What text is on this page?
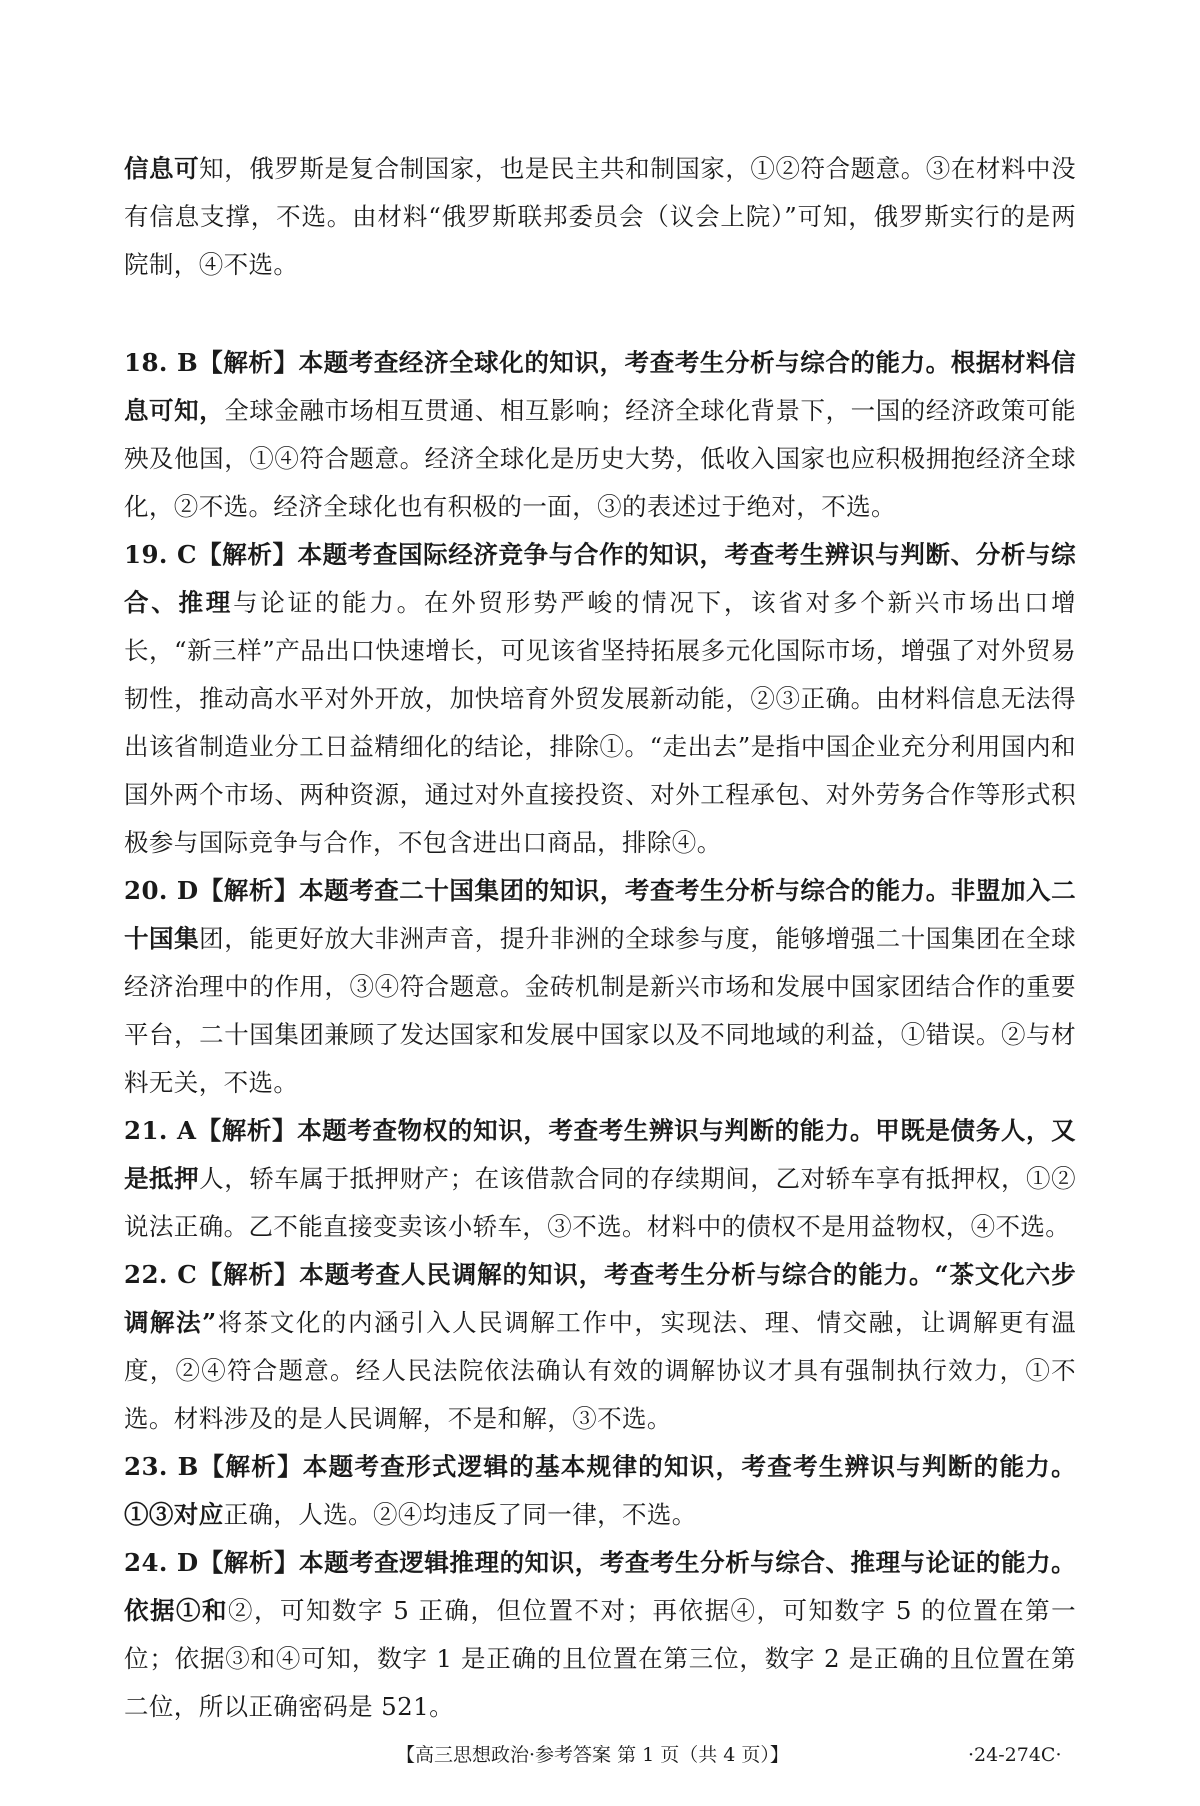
信息可知，俄罗斯是复合制国家，也是民主共和制国家，①②符合题意。③在材料中没有信息支撑，不选。由材料“俄罗斯联邦委员会（议会上院）”可知，俄罗斯实行的是两院制，④不选。

18. B【解析】本题考查经济全球化的知识，考查考生分析与综合的能力。根据材料信息可知，全球金融市场相互贯通、相互影响；经济全球化背景下，一国的经济政策可能殃及他国，①④符合题意。经济全球化是历史大势，低收入国家也应积极拥抱经济全球化，②不选。经济全球化也有积极的一面，③的表述过于绝对，不选。

19. C【解析】本题考查国际经济竞争与合作的知识，考查考生辨识与判断、分析与综合、推理与论证的能力。在外贸形势严峻的情况下，该省对多个新兴市场出口增长，“新三样”产品出口快速增长，可见该省坚持拓展多元化国际市场，增强了对外贸易韧性，推动高水平对外开放，加快培育外贸发展新动能，②③正确。由材料信息无法得出该省制造业分工日益精细化的结论，排除①。“走出去”是指中国企业充分利用国内和国外两个市场、两种资源，通过对外直接投资、对外工程承包、对外劳务合作等形式积极参与国际竞争与合作，不包含进出口商品，排除④。

20. D【解析】本题考查二十国集团的知识，考查考生分析与综合的能力。非盟加入二十国集团，能更好放大非洲声音，提升非洲的全球参与度，能够增强二十国集团在全球经济治理中的作用，③④符合题意。金砖机制是新兴市场和发展中国家团结合作的重要平台，二十国集团兼顾了发达国家和发展中国家以及不同地域的利益，①错误。②与材料无关，不选。

21. A【解析】本题考查物权的知识，考查考生辨识与判断的能力。甲既是债务人，又是抵押人，轿车属于抵押财产；在该借款合同的存续期间，乙对轿车享有抵押权，①②说法正确。乙不能直接变卖该小轿车，③不选。材料中的债权不是用益物权，④不选。

22. C【解析】本题考查人民调解的知识，考查考生分析与综合的能力。“茶文化六步调解法”将茶文化的内涵引入人民调解工作中，实现法、理、情交融，让调解更有温度，②④符合题意。经人民法院依法确认有效的调解协议才具有强制执行效力，①不选。材料涉及的是人民调解，不是和解，③不选。

23. B【解析】本题考查形式逻辑的基本规律的知识，考查考生辨识与判断的能力。①③对应正确，人选。②④均违反了同一律，不选。

24. D【解析】本题考查逻辑推理的知识，考查考生分析与综合、推理与论证的能力。依据①和②，可知数字 5 正确，但位置不对；再依据④，可知数字 5 的位置在第一位；依据③和④可知，数字 1 是正确的且位置在第三位，数字 2 是正确的且位置在第二位，所以正确密码是 521。

【高三思想政治·参考答案 第 1 页（共 4 页）】	·24-274C·
